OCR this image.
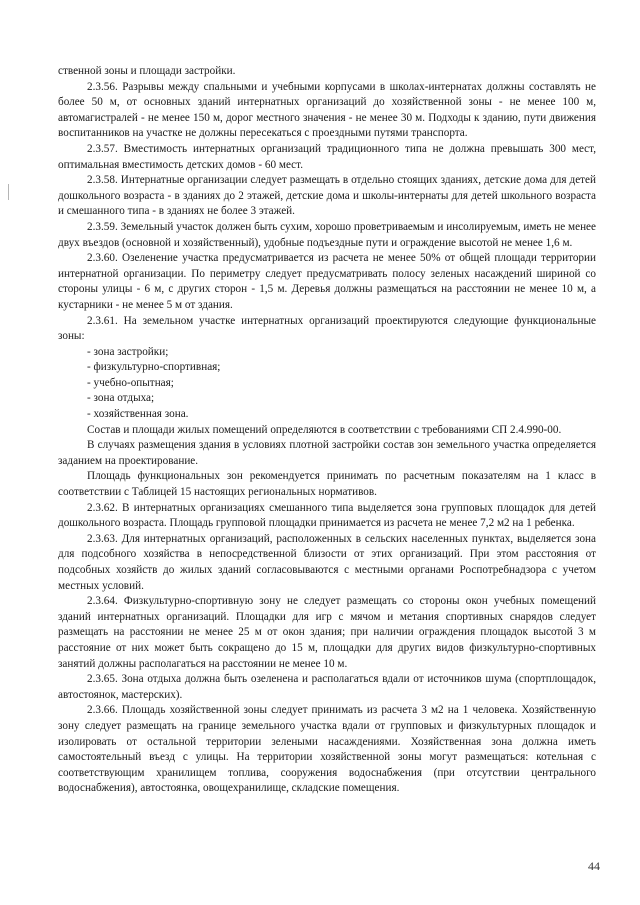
ственной зоны и площади застройки.

2.3.56. Разрывы между спальными и учебными корпусами в школах-интернатах должны составлять не более 50 м, от основных зданий интернатных организаций до хозяйственной зоны - не менее 100 м, автомагистралей - не менее 150 м, дорог местного значения - не менее 30 м. Подходы к зданию, пути движения воспитанников на участке не должны пересекаться с проездными путями транспорта.

2.3.57. Вместимость интернатных организаций традиционного типа не должна превышать 300 мест, оптимальная вместимость детских домов - 60 мест.

2.3.58. Интернатные организации следует размещать в отдельно стоящих зданиях, детские дома для детей дошкольного возраста - в зданиях до 2 этажей, детские дома и школы-интернаты для детей школьного возраста и смешанного типа - в зданиях не более 3 этажей.

2.3.59. Земельный участок должен быть сухим, хорошо проветриваемым и инсолируемым, иметь не менее двух въездов (основной и хозяйственный), удобные подъездные пути и ограждение высотой не менее 1,6 м.

2.3.60. Озеленение участка предусматривается из расчета не менее 50% от общей площади территории интернатной организации. По периметру следует предусматривать полосу зеленых насаждений шириной со стороны улицы - 6 м, с других сторон - 1,5 м. Деревья должны размещаться на расстоянии не менее 10 м, а кустарники - не менее 5 м от здания.

2.3.61. На земельном участке интернатных организаций проектируются следующие функциональные зоны:

- зона застройки;

- физкультурно-спортивная;

- учебно-опытная;

- зона отдыха;

- хозяйственная зона.

Состав и площади жилых помещений определяются в соответствии с требованиями СП 2.4.990-00.

В случаях размещения здания в условиях плотной застройки состав зон земельного участка определяется заданием на проектирование.

Площадь функциональных зон рекомендуется принимать по расчетным показателям на 1 класс в соответствии с Таблицей 15 настоящих региональных нормативов.

2.3.62. В интернатных организациях смешанного типа выделяется зона групповых площадок для детей дошкольного возраста. Площадь групповой площадки принимается из расчета не менее 7,2 м2 на 1 ребенка.

2.3.63. Для интернатных организаций, расположенных в сельских населенных пунктах, выделяется зона для подсобного хозяйства в непосредственной близости от этих организаций. При этом расстояния от подсобных хозяйств до жилых зданий согласовываются с местными органами Роспотребнадзора с учетом местных условий.

2.3.64. Физкультурно-спортивную зону не следует размещать со стороны окон учебных помещений зданий интернатных организаций. Площадки для игр с мячом и метания спортивных снарядов следует размещать на расстоянии не менее 25 м от окон здания; при наличии ограждения площадок высотой 3 м расстояние от них может быть сокращено до 15 м, площадки для других видов физкультурно-спортивных занятий должны располагаться на расстоянии не менее 10 м.

2.3.65. Зона отдыха должна быть озеленена и располагаться вдали от источников шума (спортплощадок, автостоянок, мастерских).

2.3.66. Площадь хозяйственной зоны следует принимать из расчета 3 м2 на 1 человека. Хозяйственную зону следует размещать на границе земельного участка вдали от групповых и физкультурных площадок и изолировать от остальной территории зелеными насаждениями. Хозяйственная зона должна иметь самостоятельный въезд с улицы. На территории хозяйственной зоны могут размещаться: котельная с соответствующим хранилищем топлива, сооружения водоснабжения (при отсутствии центрального водоснабжения), автостоянка, овощехранилище, складские помещения.

44
